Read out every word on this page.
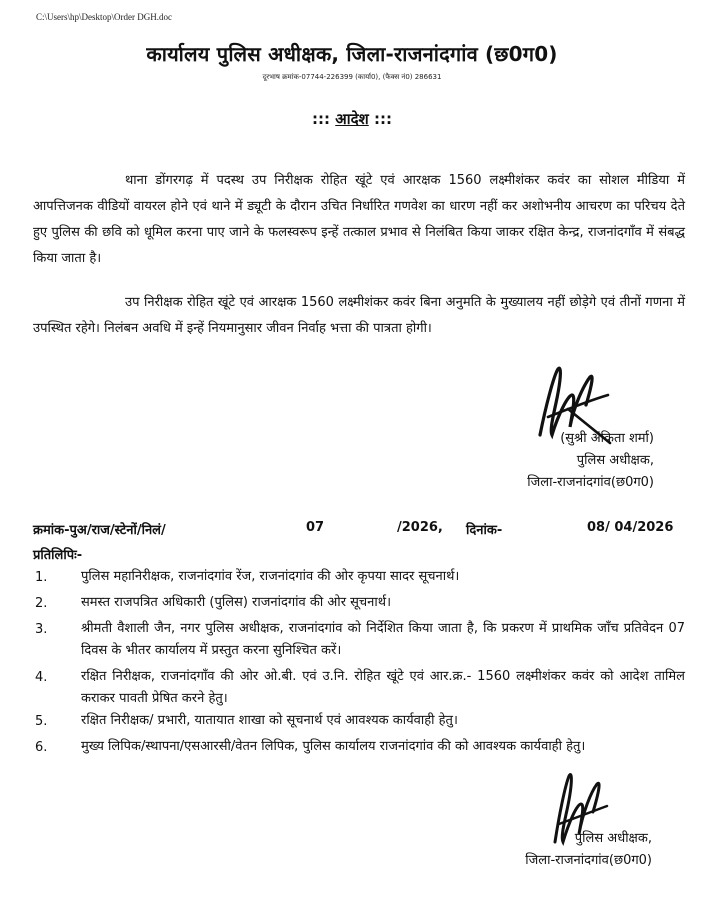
C:\Users\hp\Desktop\Order DGH.doc
कार्यालय पुलिस अधीक्षक, जिला-राजनांदगांव (छ0ग0)
दूरभाष क्रमांक-07744-226399 (कार्या0), (फैक्स नं0) 286631
::: आदेश :::
थाना डोंगरगढ़ में पदस्थ उप निरीक्षक रोहित खूंटे एवं आरक्षक 1560 लक्ष्मीशंकर कवंर का सोशल मीडिया में आपत्तिजनक वीडियों वायरल होने एवं थाने में ड्यूटी के दौरान उचित निर्धारित गणवेश का धारण नहीं कर अशोभनीय आचरण का परिचय देते हुए पुलिस की छवि को धूमिल करना पाए जाने के फलस्वरूप इन्हें तत्काल प्रभाव से निलंबित किया जाकर रक्षित केन्द्र, राजनांदगाँव में संबद्ध किया जाता है।
उप निरीक्षक रोहित खूंटे एवं आरक्षक 1560 लक्ष्मीशंकर कवंर बिना अनुमति के मुख्यालय नहीं छोड़ेगे एवं तीनों गणना में उपस्थित रहेगे। निलंबन अवधि में इन्हें नियमानुसार जीवन निर्वाह भत्ता की पात्रता होगी।
(सुश्री अंकिता शर्मा)
पुलिस अधीक्षक,
जिला-राजनांदगांव(छ0ग0)
क्रमांक-पुअ/राज/स्टेनों/निलं/	07	/2026, दिनांक-	08/ 04/2026
प्रतिलिपिः-
1.	पुलिस महानिरीक्षक, राजनांदगांव रेंज, राजनांदगांव की ओर कृपया सादर सूचनार्थ।
2.	समस्त राजपत्रित अधिकारी (पुलिस) राजनांदगांव की ओर सूचनार्थ।
3.	श्रीमती वैशाली जैन, नगर पुलिस अधीक्षक, राजनांदगांव को निर्देशित किया जाता है, कि प्रकरण में प्राथमिक जाँच प्रतिवेदन 07 दिवस के भीतर कार्यालय में प्रस्तुत करना सुनिश्चित करें।
4.	रक्षित निरीक्षक, राजनांदगाँव की ओर ओ.बी. एवं उ.नि. रोहित खूंटे एवं आर.क्र.- 1560 लक्ष्मीशंकर कवंर को आदेश तामिल कराकर पावती प्रेषित करने हेतु।
5.	रक्षित निरीक्षक/ प्रभारी, यातायात शाखा को सूचनार्थ एवं आवश्यक कार्यवाही हेतु।
6.	मुख्य लिपिक/स्थापना/एसआरसी/वेतन लिपिक, पुलिस कार्यालय राजनांदगांव की को आवश्यक कार्यवाही हेतु।
पुलिस अधीक्षक,
जिला-राजनांदगांव(छ0ग0)
